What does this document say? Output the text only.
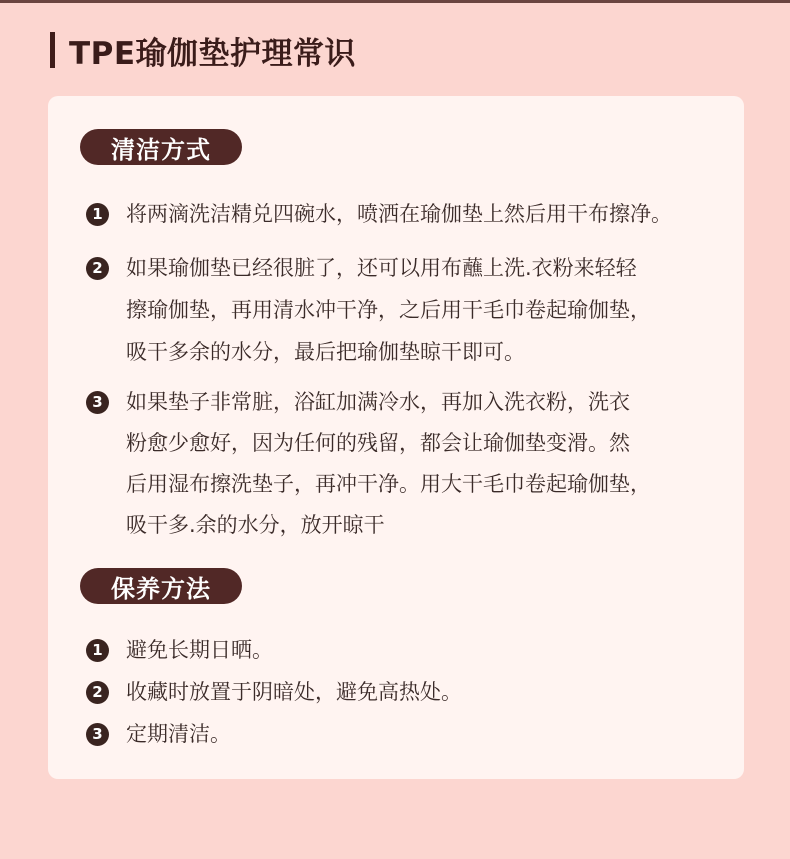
TPE瑜伽垫护理常识
清洁方式
1 将两滴洗洁精兑四碗水，喷洒在瑜伽垫上然后用干布擦净。
2 如果瑜伽垫已经很脏了，还可以用布蘸上洗.衣粉来轻轻
擦瑜伽垫，再用清水冲干净，之后用干毛巾卷起瑜伽垫，
吸干多余的水分，最后把瑜伽垫晾干即可。
3 如果垫子非常脏，浴缸加满冷水，再加入洗衣粉，洗衣
粉愈少愈好，因为任何的残留，都会让瑜伽垫变滑。然
后用湿布擦洗垫子，再冲干净。用大干毛巾卷起瑜伽垫，
吸干多.余的水分，放开晾干
保养方法
1 避免长期日晒。
2 收藏时放置于阴暗处，避免高热处。
3 定期清洁。
